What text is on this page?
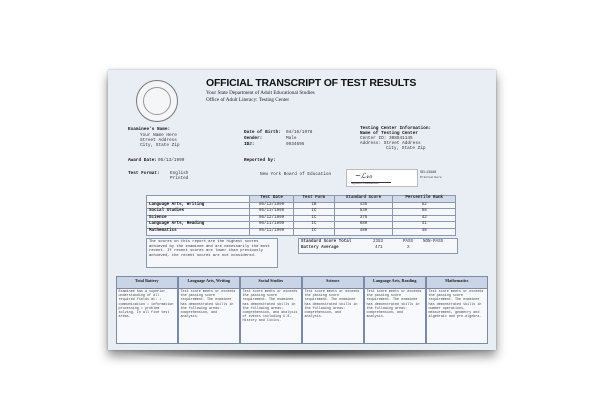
OFFICIAL TRANSCRIPT OF TEST RESULTS
Your State Department of Adult Educational Studies
Office of Adult Literacy: Testing Center
Examinee's Name:
Your Name Here
Street Address
City, State Zip
Date of Birth: 04/16/1978
Gender:	Male
ID#:	9934695
Testing Center Information:
Name of Testing Center
Center ID: 308541145
Address: Street Address
City, State Zip
Award Date: 05/13/1999	Reported by:
New York Board of Education
Test Format: English
Printed	~ℒ𝓇ℴ
Signature of Administrator
SEL13988
Printed Here
	Test Date	Test Form	Standard Score	Percentile Rank
Language Arts, Writing	05/13/1999	IB	435	52
Social Studies	05/13/1999	IC	539	68
Science	05/12/1999	IC	375	42
Language Arts, Reading	05/11/1999	IC	680	41
Mathematics	05/11/1999	IC	480	48
The scores on this report are the highest scores achieved by the examinee and are necessarily the most recent. If recent scores are lower than previously achieved, the recent scores are not considered.
Standard Score Total	2353
Battery Average	471
PASS
X
NON-PASS
Total Battery
Examinee has a superior understanding of all required fields at: • communication • information processing • problem solving. In all five test areas.
Language Arts, Writing
Test score meets or exceeds the passing score requirement. The examinee has demonstrated skills in the following areas: comprehension, and analysis.
Social Studies
Test score meets or exceeds the passing score requirement. The examinee has demonstrated skills in the following areas: comprehension, and analysis of events including U.S. History and Civics.
Science
Test score meets or exceeds the passing score requirement. The examinee has demonstrated skills in the following areas: comprehension, and analysis.
Language Arts, Reading
Test score meets or exceeds the passing score requirement. The examinee has demonstrated skills in the following areas: comprehension, and analysis.
Mathematics
Test score meets or exceeds the passing score requirement. The examinee has demonstrated skills in number operations, measurement, geometry and algebraic and pre-algebra.
